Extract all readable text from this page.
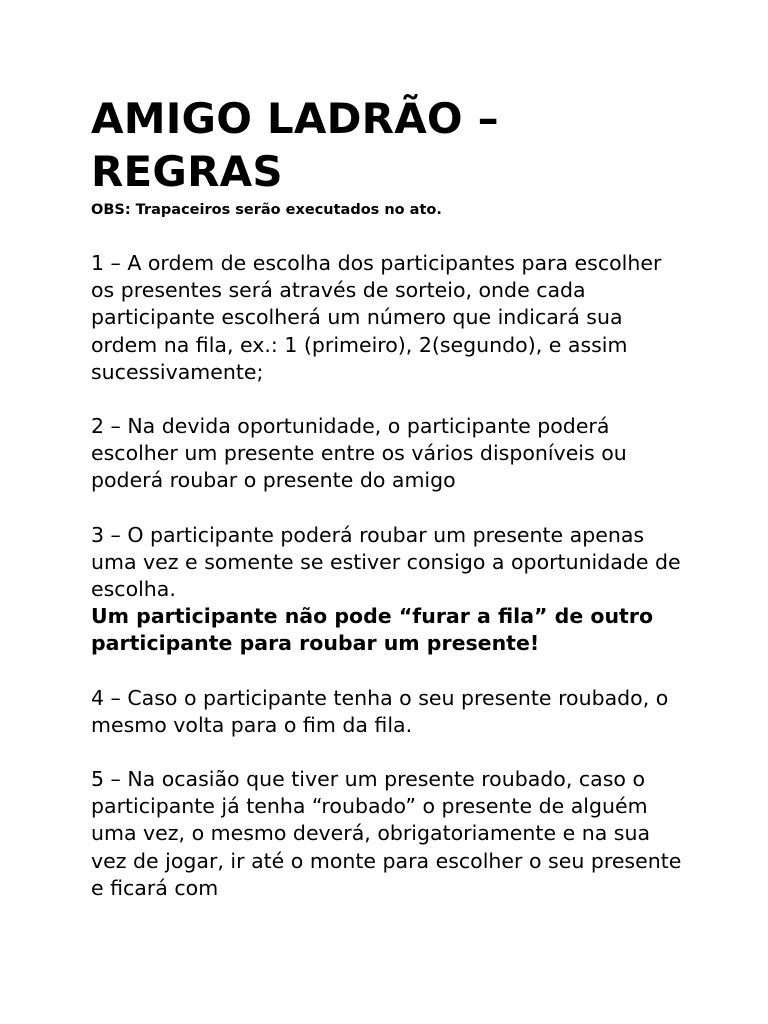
AMIGO LADRÃO –
REGRAS

OBS: Trapaceiros serão executados no ato.

1 – A ordem de escolha dos participantes para escolher os presentes será através de sorteio, onde cada participante escolherá um número que indicará sua ordem na fila, ex.: 1 (primeiro), 2(segundo), e assim sucessivamente;

2 – Na devida oportunidade, o participante poderá escolher um presente entre os vários disponíveis ou poderá roubar o presente do amigo

3 – O participante poderá roubar um presente apenas uma vez e somente se estiver consigo a oportunidade de escolha.
Um participante não pode “furar a fila” de outro participante para roubar um presente!

4 – Caso o participante tenha o seu presente roubado, o mesmo volta para o fim da fila.

5 – Na ocasião que tiver um presente roubado, caso o participante já tenha “roubado” o presente de alguém uma vez, o mesmo deverá, obrigatoriamente e na sua vez de jogar, ir até o monte para escolher o seu presente e ficará com
